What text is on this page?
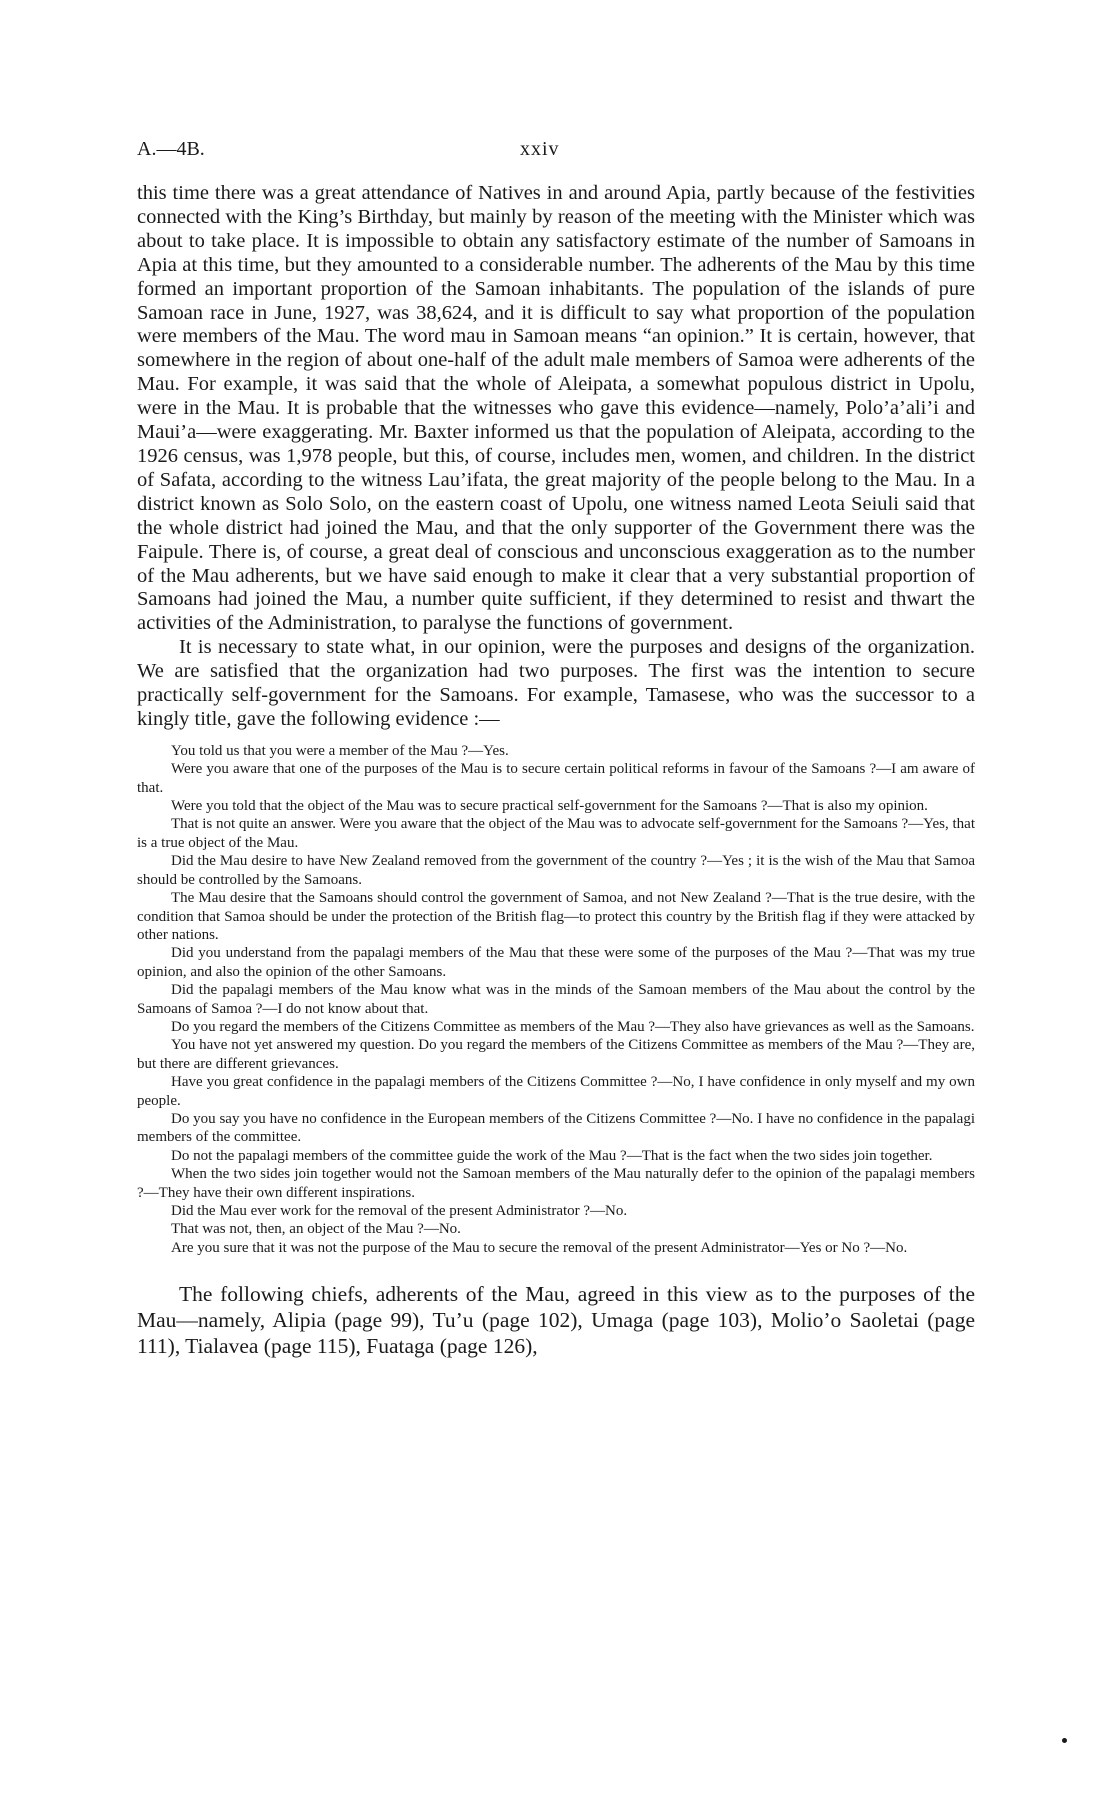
A.—4B.	xxiv

this time there was a great attendance of Natives in and around Apia, partly because of the festivities connected with the King’s Birthday, but mainly by reason of the meeting with the Minister which was about to take place. It is impossible to obtain any satisfactory estimate of the number of Samoans in Apia at this time, but they amounted to a considerable number. The adherents of the Mau by this time formed an important proportion of the Samoan inhabitants. The population of the islands of pure Samoan race in June, 1927, was 38,624, and it is difficult to say what proportion of the population were members of the Mau. The word mau in Samoan means “an opinion.” It is certain, however, that somewhere in the region of about one-half of the adult male members of Samoa were adherents of the Mau. For example, it was said that the whole of Aleipata, a somewhat populous district in Upolu, were in the Mau. It is probable that the witnesses who gave this evidence—namely, Polo’a’ali’i and Maui’a—were exaggerating. Mr. Baxter informed us that the population of Aleipata, according to the 1926 census, was 1,978 people, but this, of course, includes men, women, and children. In the district of Safata, according to the witness Lau’ifata, the great majority of the people belong to the Mau. In a district known as Solo Solo, on the eastern coast of Upolu, one witness named Leota Seiuli said that the whole district had joined the Mau, and that the only supporter of the Government there was the Faipule. There is, of course, a great deal of conscious and unconscious exaggeration as to the number of the Mau adherents, but we have said enough to make it clear that a very substantial proportion of Samoans had joined the Mau, a number quite sufficient, if they determined to resist and thwart the activities of the Administration, to paralyse the functions of government.

It is necessary to state what, in our opinion, were the purposes and designs of the organization. We are satisfied that the organization had two purposes. The first was the intention to secure practically self-government for the Samoans. For example, Tamasese, who was the successor to a kingly title, gave the following evidence :—

You told us that you were a member of the Mau ?—Yes.

Were you aware that one of the purposes of the Mau is to secure certain political reforms in favour of the Samoans ?—I am aware of that.

Were you told that the object of the Mau was to secure practical self-government for the Samoans ?—That is also my opinion.

That is not quite an answer. Were you aware that the object of the Mau was to advocate self-government for the Samoans ?—Yes, that is a true object of the Mau.

Did the Mau desire to have New Zealand removed from the government of the country ?—Yes ; it is the wish of the Mau that Samoa should be controlled by the Samoans.

The Mau desire that the Samoans should control the government of Samoa, and not New Zealand ?—That is the true desire, with the condition that Samoa should be under the protection of the British flag—to protect this country by the British flag if they were attacked by other nations.

Did you understand from the papalagi members of the Mau that these were some of the purposes of the Mau ?—That was my true opinion, and also the opinion of the other Samoans.

Did the papalagi members of the Mau know what was in the minds of the Samoan members of the Mau about the control by the Samoans of Samoa ?—I do not know about that.

Do you regard the members of the Citizens Committee as members of the Mau ?—They also have grievances as well as the Samoans.

You have not yet answered my question. Do you regard the members of the Citizens Committee as members of the Mau ?—They are, but there are different grievances.

Have you great confidence in the papalagi members of the Citizens Committee ?—No, I have confidence in only myself and my own people.

Do you say you have no confidence in the European members of the Citizens Committee ?—No. I have no confidence in the papalagi members of the committee.

Do not the papalagi members of the committee guide the work of the Mau ?—That is the fact when the two sides join together.

When the two sides join together would not the Samoan members of the Mau naturally defer to the opinion of the papalagi members ?—They have their own different inspirations.

Did the Mau ever work for the removal of the present Administrator ?—No.

That was not, then, an object of the Mau ?—No.

Are you sure that it was not the purpose of the Mau to secure the removal of the present Administrator—Yes or No ?—No.

The following chiefs, adherents of the Mau, agreed in this view as to the purposes of the Mau—namely, Alipia (page 99), Tu’u (page 102), Umaga (page 103), Molio’o Saoletai (page 111), Tialavea (page 115), Fuataga (page 126),
